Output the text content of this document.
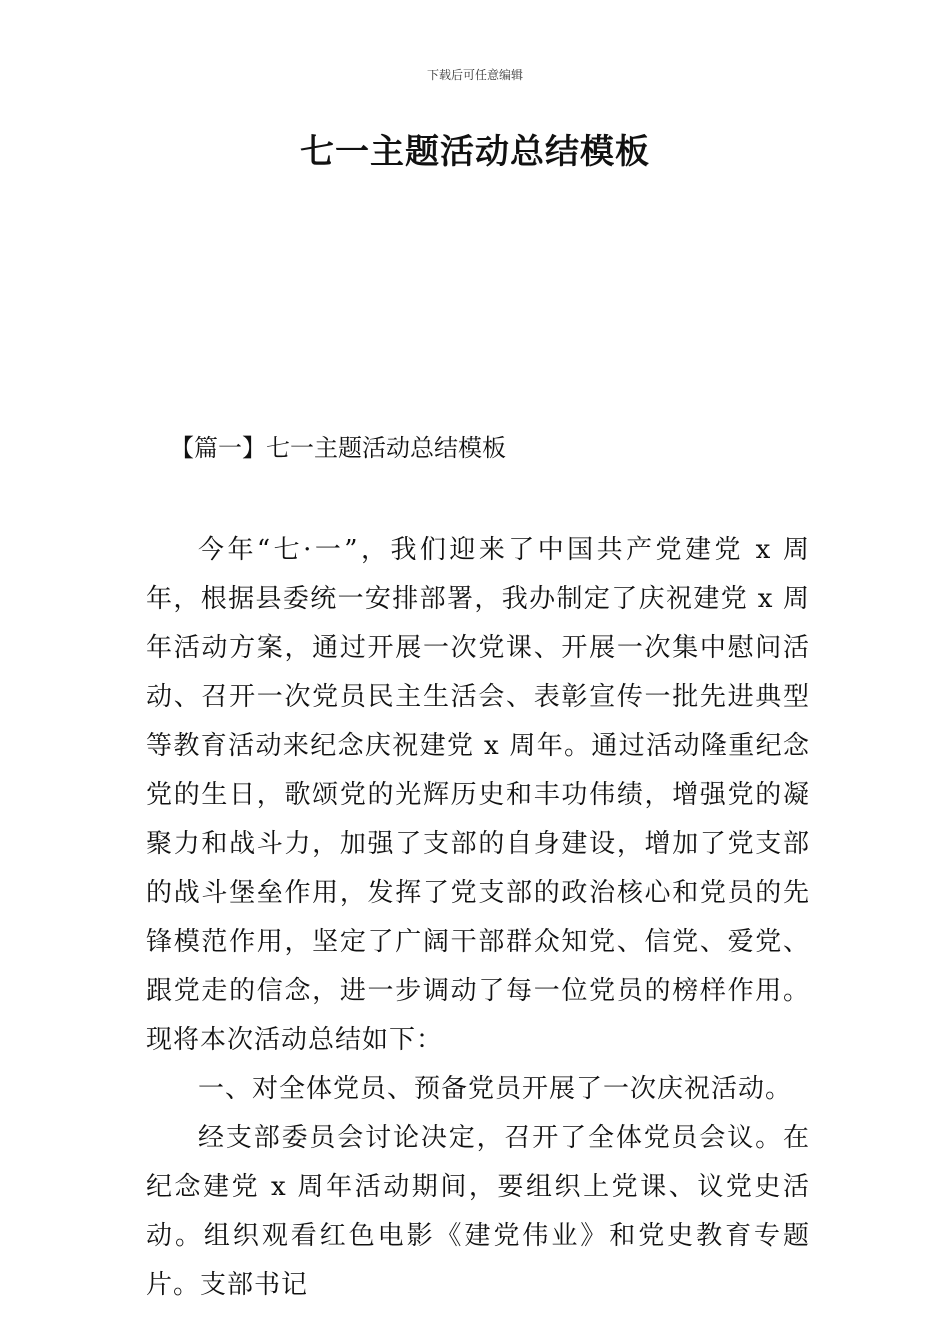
下载后可任意编辑
七一主题活动总结模板
【篇一】七一主题活动总结模板

今年“七·一”，我们迎来了中国共产党建党 x 周年，根据县委统一安排部署，我办制定了庆祝建党 x 周年活动方案，通过开展一次党课、开展一次集中慰问活动、召开一次党员民主生活会、表彰宣传一批先进典型等教育活动来纪念庆祝建党 x 周年。通过活动隆重纪念党的生日，歌颂党的光辉历史和丰功伟绩，增强党的凝聚力和战斗力，加强了支部的自身建设，增加了党支部的战斗堡垒作用，发挥了党支部的政治核心和党员的先锋模范作用，坚定了广阔干部群众知党、信党、爱党、跟党走的信念，进一步调动了每一位党员的榜样作用。现将本次活动总结如下：

一、对全体党员、预备党员开展了一次庆祝活动。

经支部委员会讨论决定，召开了全体党员会议。在纪念建党 x 周年活动期间，要组织上党课、议党史活动。组织观看红色电影《建党伟业》和党史教育专题片。支部书记
